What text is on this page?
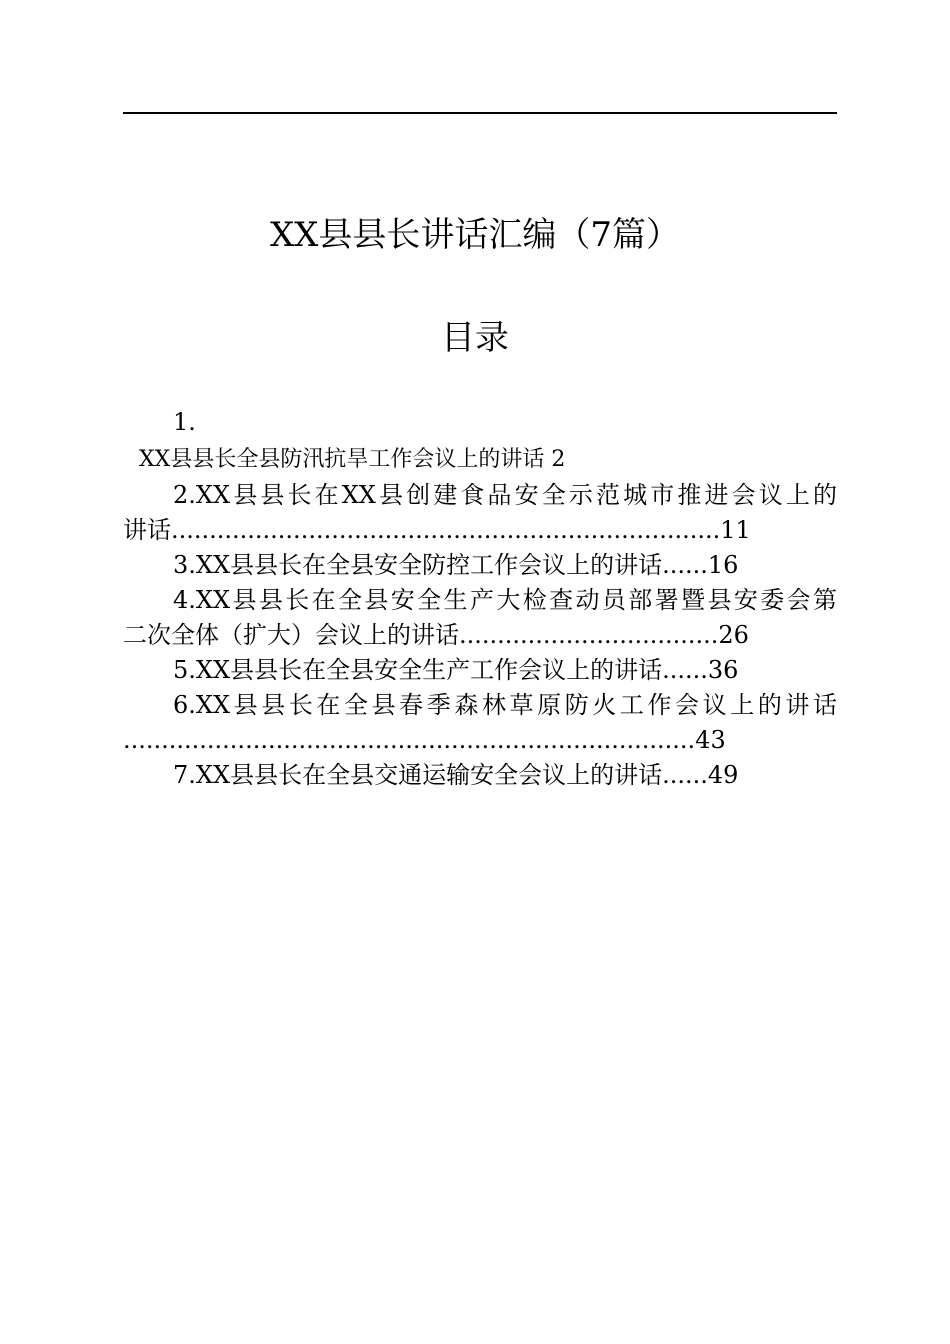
XX县县长讲话汇编（7篇）
目录
1.
XX县县长全县防汛抗旱工作会议上的讲话 2
2.XX县县长在XX县创建食品安全示范城市推进会议上的
讲话........................................................................11
3.XX县县长在全县安全防控工作会议上的讲话......16
4.XX县县长在全县安全生产大检查动员部署暨县安委会第
二次全体（扩大）会议上的讲话..................................26
5.XX县县长在全县安全生产工作会议上的讲话......36
6.XX县县长在全县春季森林草原防火工作会议上的讲话
...........................................................................43
7.XX县县长在全县交通运输安全会议上的讲话......49
